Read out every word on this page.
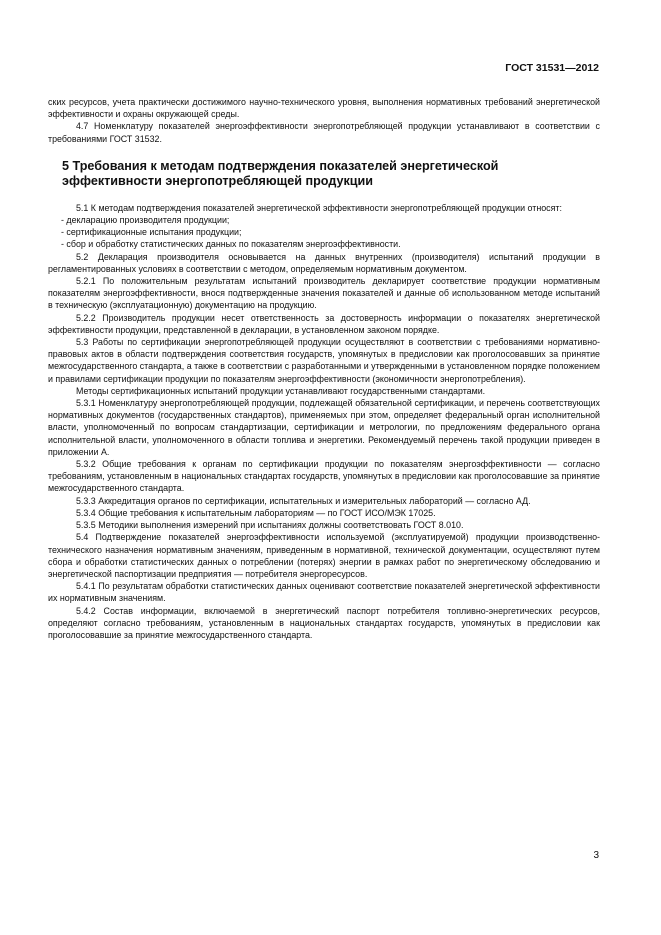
ГОСТ 31531—2012

ских ресурсов, учета практически достижимого научно-технического уровня, выполнения нормативных требований энергетической эффективности и охраны окружающей среды.

4.7 Номенклатуру показателей энергоэффективности энергопотребляющей продукции устанавливают в соответствии с требованиями ГОСТ 31532.

5 Требования к методам подтверждения показателей энергетической эффективности энергопотребляющей продукции

5.1 К методам подтверждения показателей энергетической эффективности энергопотребляющей продукции относят:

- декларацию производителя продукции;

- сертификационные испытания продукции;

- сбор и обработку статистических данных по показателям энергоэффективности.

5.2 Декларация производителя основывается на данных внутренних (производителя) испытаний продукции в регламентированных условиях в соответствии с методом, определяемым нормативным документом.

5.2.1 По положительным результатам испытаний производитель декларирует соответствие продукции нормативным показателям энергоэффективности, внося подтвержденные значения показателей и данные об использованном методе испытаний в техническую (эксплуатационную) документацию на продукцию.

5.2.2 Производитель продукции несет ответственность за достоверность информации о показателях энергетической эффективности продукции, представленной в декларации, в установленном законом порядке.

5.3 Работы по сертификации энергопотребляющей продукции осуществляют в соответствии с требованиями нормативно-правовых актов в области подтверждения соответствия государств, упомянутых в предисловии как проголосовавших за принятие межгосударственного стандарта, а также в соответствии с разработанными и утвержденными в установленном порядке положением и правилами сертификации продукции по показателям энергоэффективности (экономичности энергопотребления).

Методы сертификационных испытаний продукции устанавливают государственными стандартами.

5.3.1 Номенклатуру энергопотребляющей продукции, подлежащей обязательной сертификации, и перечень соответствующих нормативных документов (государственных стандартов), применяемых при этом, определяет федеральный орган исполнительной власти, уполномоченный по вопросам стандартизации, сертификации и метрологии, по предложениям федерального органа исполнительной власти, уполномоченного в области топлива и энергетики. Рекомендуемый перечень такой продукции приведен в приложении А.

5.3.2 Общие требования к органам по сертификации продукции по показателям энергоэффективности — согласно требованиям, установленным в национальных стандартах государств, упомянутых в предисловии как проголосовавшие за принятие межгосударственного стандарта.

5.3.3 Аккредитация органов по сертификации, испытательных и измерительных лабораторий — согласно АД.

5.3.4 Общие требования к испытательным лабораториям — по ГОСТ ИСО/МЭК 17025.

5.3.5 Методики выполнения измерений при испытаниях должны соответствовать ГОСТ 8.010.

5.4 Подтверждение показателей энергоэффективности используемой (эксплуатируемой) продукции производственно-технического назначения нормативным значениям, приведенным в нормативной, технической документации, осуществляют путем сбора и обработки статистических данных о потреблении (потерях) энергии в рамках работ по энергетическому обследованию и энергетической паспортизации предприятия — потребителя энергоресурсов.

5.4.1 По результатам обработки статистических данных оценивают соответствие показателей энергетической эффективности их нормативным значениям.

5.4.2 Состав информации, включаемой в энергетический паспорт потребителя топливно-энергетических ресурсов, определяют согласно требованиям, установленным в национальных стандартах государств, упомянутых в предисловии как проголосовавшие за принятие межгосударственного стандарта.

3
